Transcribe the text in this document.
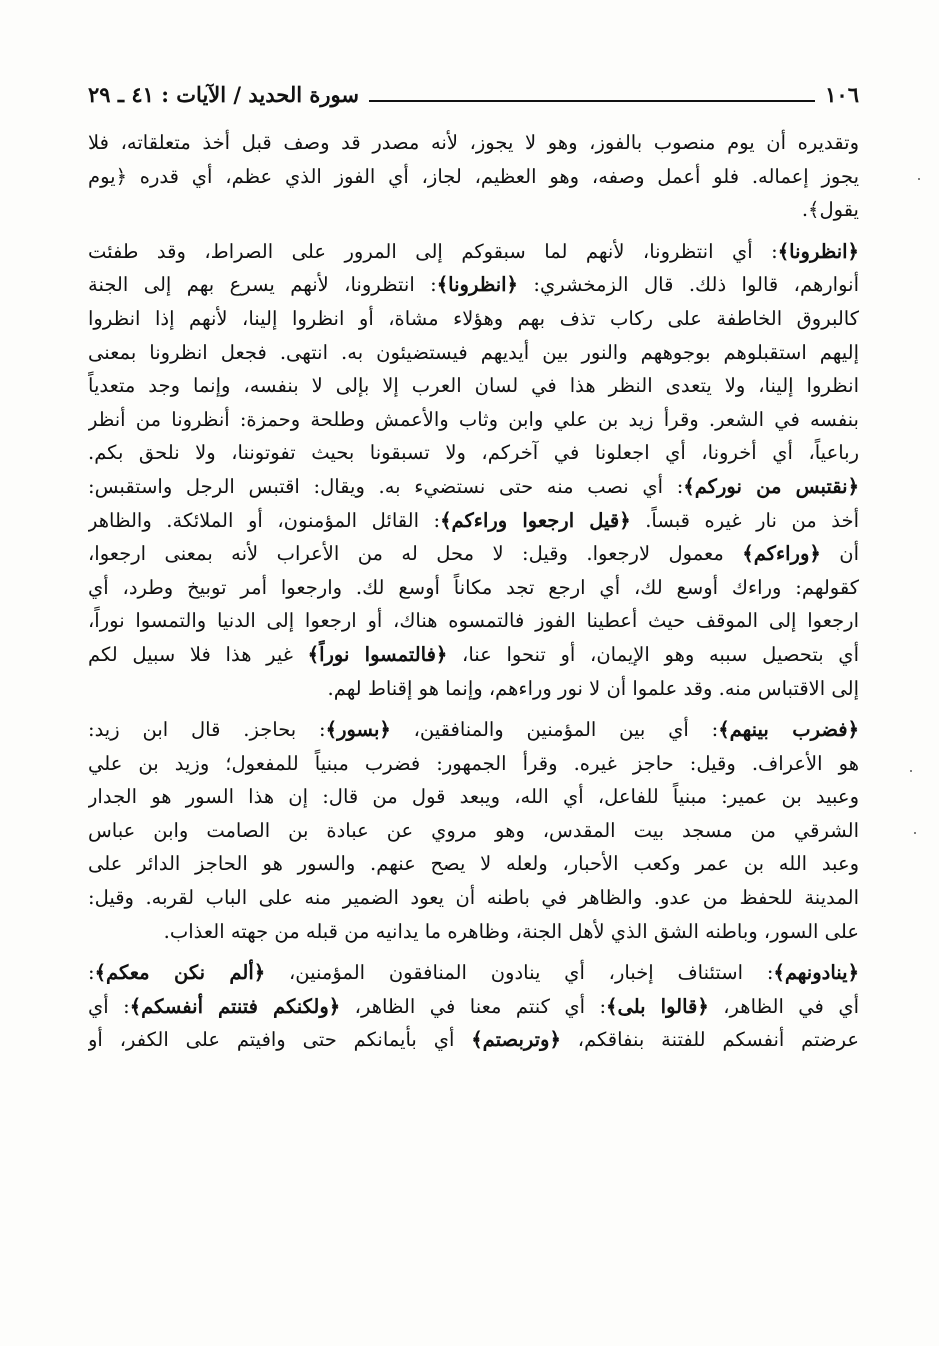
١٠٦
سورة الحديد / الآيات : ٤١ ـ ٢٩
وتقديره أن يوم منصوب بالفوز، وهو لا يجوز، لأنه مصدر قد وصف قبل أخذ متعلقاته، فلا
يجوز إعماله. فلو أعمل وصفه، وهو العظيم، لجاز، أي الفوز الذي عظم، أي قدره ﴿يوم
يقول﴾.
﴿انظرونا﴾: أي انتظرونا، لأنهم لما سبقوكم إلى المرور على الصراط، وقد طفئت
أنوارهم، قالوا ذلك. قال الزمخشري: ﴿انظرونا﴾: انتظرونا، لأنهم يسرع بهم إلى الجنة
كالبروق الخاطفة على ركاب تذف بهم وهؤلاء مشاة، أو انظروا إلينا، لأنهم إذا انظروا
إليهم استقبلوهم بوجوههم والنور بين أيديهم فيستضيئون به. انتهى. فجعل انظرونا بمعنى
انظروا إلينا، ولا يتعدى النظر هذا في لسان العرب إلا بإلى لا بنفسه، وإنما وجد متعدياً
بنفسه في الشعر. وقرأ زيد بن علي وابن وثاب والأعمش وطلحة وحمزة: أنظرونا من أنظر
رباعياً، أي أخرونا، أي اجعلونا في آخركم، ولا تسبقونا بحيث تفوتوننا، ولا نلحق بكم.
﴿نقتبس من نوركم﴾: أي نصب منه حتى نستضيء به. ويقال: اقتبس الرجل واستقبس:
أخذ من نار غيره قبساً. ﴿قيل ارجعوا وراءكم﴾: القائل المؤمنون، أو الملائكة. والظاهر
أن ﴿وراءكم﴾ معمول لارجعوا. وقيل: لا محل له من الأعراب لأنه بمعنى ارجعوا،
كقولهم: وراءك أوسع لك، أي ارجع تجد مكاناً أوسع لك. وارجعوا أمر توبيخ وطرد، أي
ارجعوا إلى الموقف حيث أعطينا الفوز فالتمسوه هناك، أو ارجعوا إلى الدنيا والتمسوا نوراً،
أي بتحصيل سببه وهو الإيمان، أو تنحوا عنا، ﴿فالتمسوا نوراً﴾ غير هذا فلا سبيل لكم
إلى الاقتباس منه. وقد علموا أن لا نور وراءهم، وإنما هو إقناط لهم.
﴿فضرب بينهم﴾: أي بين المؤمنين والمنافقين، ﴿بسور﴾: بحاجز. قال ابن زيد:
هو الأعراف. وقيل: حاجز غيره. وقرأ الجمهور: فضرب مبنياً للمفعول؛ وزيد بن علي
وعبيد بن عمير: مبنياً للفاعل، أي الله، ويبعد قول من قال: إن هذا السور هو الجدار
الشرقي من مسجد بيت المقدس، وهو مروي عن عبادة بن الصامت وابن عباس
وعبد الله بن عمر وكعب الأحبار، ولعله لا يصح عنهم. والسور هو الحاجز الدائر على
المدينة للحفظ من عدو. والظاهر في باطنه أن يعود الضمير منه على الباب لقربه. وقيل:
على السور، وباطنه الشق الذي لأهل الجنة، وظاهره ما يدانيه من قبله من جهته العذاب.
﴿ينادونهم﴾: استئناف إخبار، أي ينادون المنافقون المؤمنين، ﴿ألم نكن معكم﴾:
أي في الظاهر، ﴿قالوا بلى﴾: أي كنتم معنا في الظاهر، ﴿ولكنكم فتنتم أنفسكم﴾: أي
عرضتم أنفسكم للفتنة بنفاقكم، ﴿وتربصتم﴾ أي بأيمانكم حتى وافيتم على الكفر، أو
